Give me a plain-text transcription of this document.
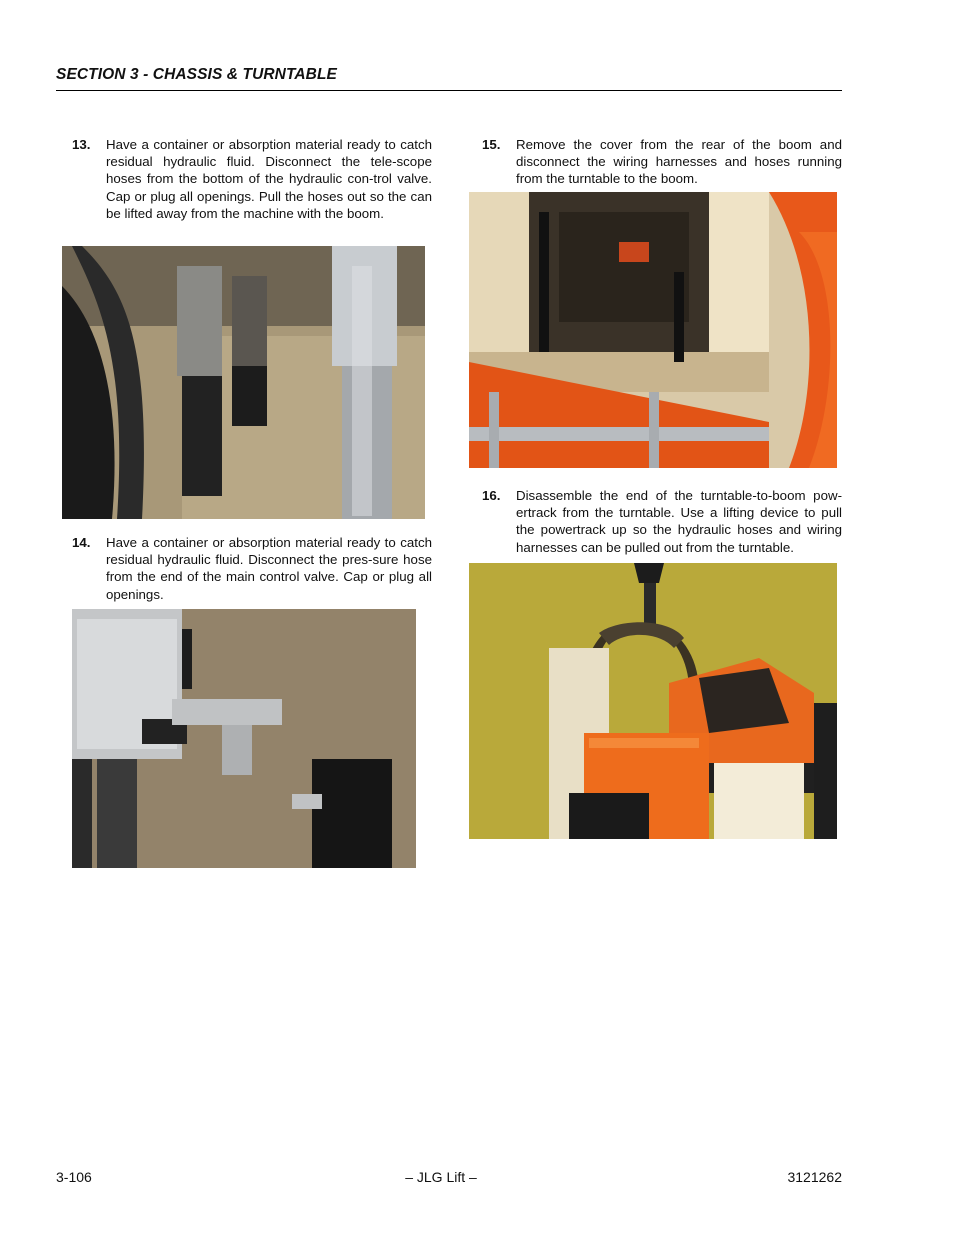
SECTION 3 - CHASSIS & TURNTABLE
13. Have a container or absorption material ready to catch residual hydraulic fluid. Disconnect the tele-scope hoses from the bottom of the hydraulic con-trol valve. Cap or plug all openings. Pull the hoses out so the can be lifted away from the machine with the boom.
14. Have a container or absorption material ready to catch residual hydraulic fluid. Disconnect the pres-sure hose from the end of the main control valve. Cap or plug all openings.
15. Remove the cover from the rear of the boom and disconnect the wiring harnesses and hoses running from the turntable to the boom.
16. Disassemble the end of the turntable-to-boom pow-ertrack from the turntable. Use a lifting device to pull the powertrack up so the hydraulic hoses and wiring harnesses can be pulled out from the turntable.
3-106	– JLG Lift –	3121262
